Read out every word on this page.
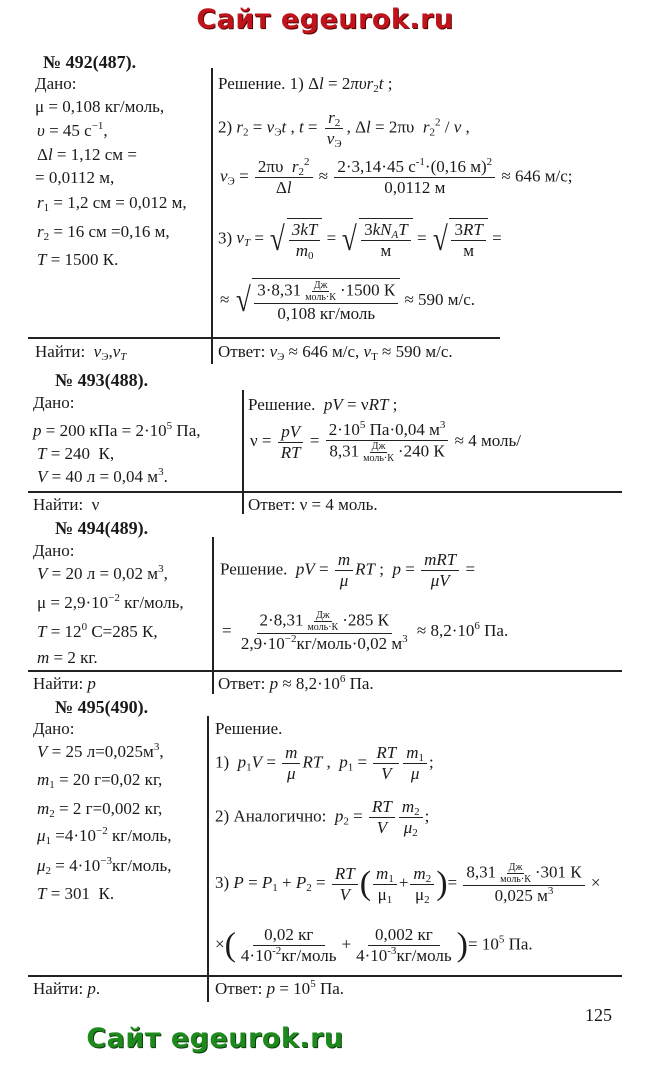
Сайт egeurok.ru
№ 492(487).
Дано:
μ = 0,108 кг/моль,
υ = 45 $с^{-1}$,
Δl = 1,12 см =
= 0,0112 м,
$r_1 = 1,2$ см = 0,012 м,
$r_2 = 16$ см =0,16 м,
T = 1500 К.
Решение. 1) Δl = 2πυr$_2$t ;
2) $r_2 = v_Эt$ , $t = \frac{r_2}{v_Э}$ , Δl = 2πυ  $r_2^2$ / v ,
$v_Э = \frac{2\pi\upsilon r_2^2}{\Delta l} \approx \frac{2\cdot 3,14\cdot 45 с^{-1}\cdot(0,16 м)^2}{0,0112 м} \approx 646$ м/с;
3) $v_T$ = √ $\frac{3kT}{m_0}$ = √ $\frac{3kN_AT}{м}$ = √ $\frac{3RT}{м}$ =
≈ √ 3·8,31 Дж
моль·К ·1500 К
0,108 кг/моль ≈ 590 м/с.
Найти:  $v_Э,v_T$	Ответ: $v_Э \approx 646$ м/с, $v_Т \approx 590$ м/с.
№ 493(488).
Дано:
p = 200 кПа = $2\cdot 10^5$ Па,
T = 240  К,
V = 40 л = 0,04 $м^3$.
Решение.  pV = νRT ;
$\nu = \frac{pV}{RT} = 2\cdot 10^5$ Па·0,04 $м^3$
8,31 Дж
моль·К ·240 К ≈ 4 моль/
Найти:  ν	Ответ: ν = 4 моль.
№ 494(489).
Дано:
V = 20 л = 0,02 $м^3$,
$\mu = 2,9\cdot 10^{-2}$ кг/моль,
$T = 12^0$ С=285 К,
m = 2 кг.
Решение.  pV = $\frac{m}{\mu}$ RT ;  $p = \frac{\text{mRT}}{\mu V}$ =
= 2·8,31 Дж
моль·К ·285 К
$2,9\cdot 10^{-2}кг/моль\cdot 0,02$ $м^3 \approx 8,2\cdot 10^6$ Па.
Найти: p	Ответ: $p \approx 8,2\cdot 10^6$ Па.
№ 495(490).
Дано:
V = 25 $л=0,025м^3$,
$m_1 = 20$ г=0,02 кг,
$m_2 = 2$ г=0,002 кг,
$\mu_1 =4\cdot 10^{-2}$ кг/моль,
$\mu_2$ = $4\cdot 10^{-3}кг$/моль,
T = 301  К.
Решение.
1)  $p_1V = \frac{m}{\mu}$ RT ,  $p_1 = \frac{RT}{V} \frac{m_1}{\mu}$ ;
2) Аналогично:  $p_2 = \frac{RT}{V} \frac{m_2}{\mu_2}$ ;
3) $P = P_1 + P_2 = \frac{RT}{V}$ ( $\frac{m_1}{\mu_1} + \frac{m_2}{\mu_2}$ )= 8,31 Дж
моль·К ·301 К
0,025 $м^3$ ×
×( $\frac{0,02 кг}{4\cdot 10^{-2}кг/моль} + \frac{0,002 кг}{4\cdot 10^{-3}кг/моль}$ )= $10^5$ Па.
Найти: p.	Ответ: $p = 10^5$ Па.
125
Сайт egeurok.ru
